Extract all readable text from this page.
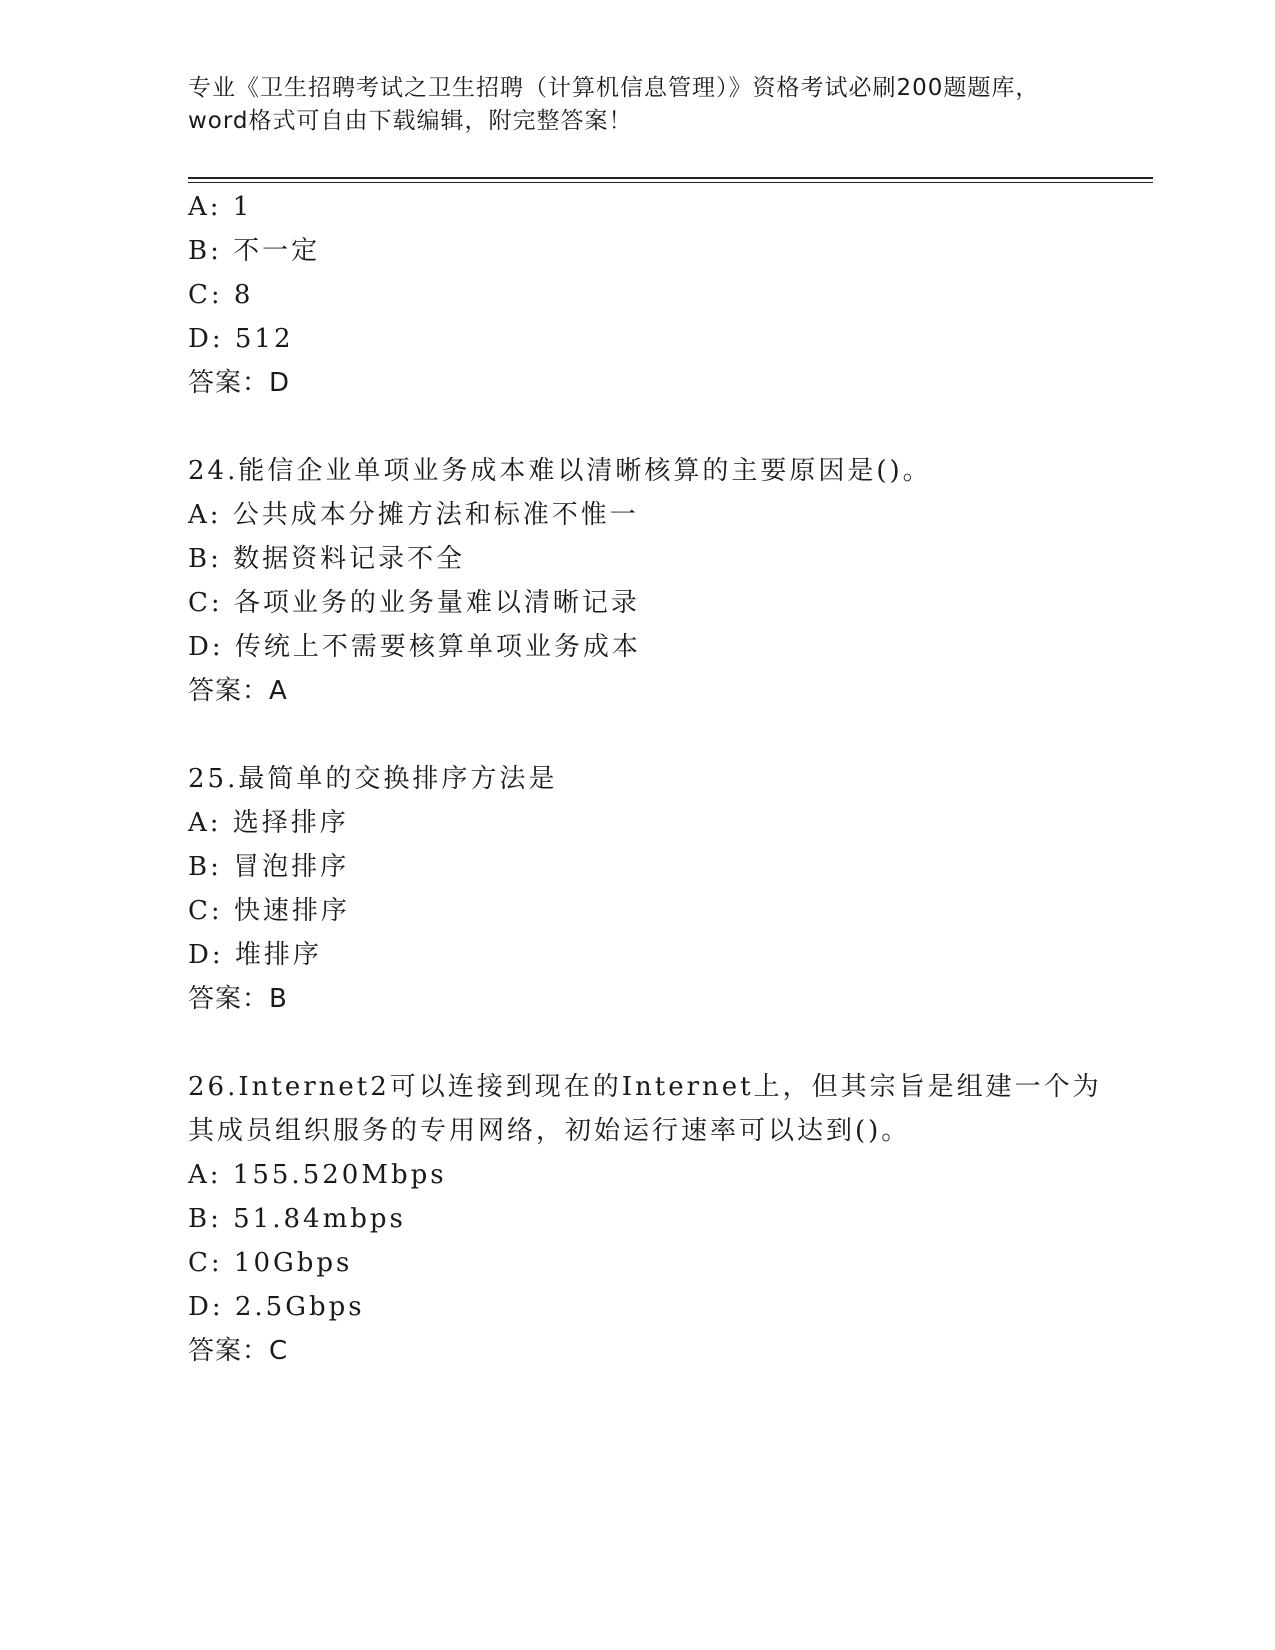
专业《卫生招聘考试之卫生招聘（计算机信息管理）》资格考试必刷200题题库，
word格式可自由下载编辑，附完整答案！
A: 1
B: 不一定
C: 8
D: 512
答案：D
24.能信企业单项业务成本难以清晰核算的主要原因是()。
A: 公共成本分摊方法和标准不惟一
B: 数据资料记录不全
C: 各项业务的业务量难以清晰记录
D: 传统上不需要核算单项业务成本
答案：A
25.最简单的交换排序方法是
A: 选择排序
B: 冒泡排序
C: 快速排序
D: 堆排序
答案：B
26.Internet2可以连接到现在的Internet上，但其宗旨是组建一个为
其成员组织服务的专用网络，初始运行速率可以达到()。
A: 155.520Mbps
B: 51.84mbps
C: 10Gbps
D: 2.5Gbps
答案：C
